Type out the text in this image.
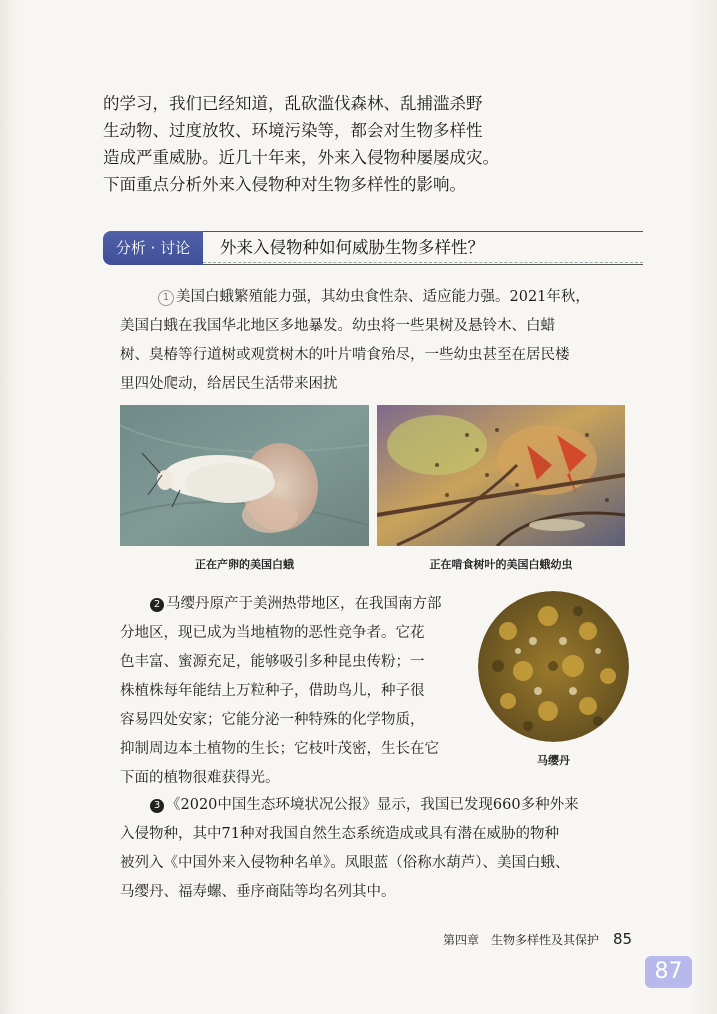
的学习，我们已经知道，乱砍滥伐森林、乱捕滥杀野

生动物、过度放牧、环境污染等，都会对生物多样性

造成严重威胁。近几十年来，外来入侵物种屡屡成灾。

下面重点分析外来入侵物种对生物多样性的影响。

分析 · 讨论	外来入侵物种如何威胁生物多样性？

1 美国白蛾繁殖能力强，其幼虫食性杂、适应能力强。2021年秋，

美国白蛾在我国华北地区多地暴发。幼虫将一些果树及悬铃木、白蜡

树、臭椿等行道树或观赏树木的叶片啃食殆尽，一些幼虫甚至在居民楼

里四处爬动，给居民生活带来困扰

正在产卵的美国白蛾	正在啃食树叶的美国白蛾幼虫

2 马缨丹原产于美洲热带地区，在我国南方部

分地区，现已成为当地植物的恶性竞争者。它花

色丰富、蜜源充足，能够吸引多种昆虫传粉；一

株植株每年能结上万粒种子，借助鸟儿，种子很

容易四处安家；它能分泌一种特殊的化学物质，

抑制周边本土植物的生长；它枝叶茂密，生长在它

下面的植物很难获得光。

马缨丹

3 《2020中国生态环境状况公报》显示，我国已发现660多种外来

入侵物种，其中71种对我国自然生态系统造成或具有潜在威胁的物种

被列入《中国外来入侵物种名单》。凤眼蓝（俗称水葫芦）、美国白蛾、

马缨丹、福寿螺、垂序商陆等均名列其中。

第四章　生物多样性及其保护 85
87
